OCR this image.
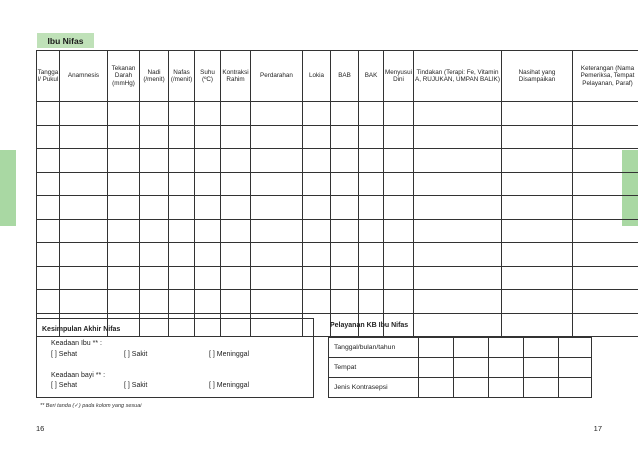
Ibu Nifas
Tanggal/ Pukul	Anamnesis	Tekanan Darah (mmHg)	Nadi (/menit)	Nafas (/menit)	Suhu (ºC)	Kontraksi Rahim	Perdarahan	Lokia	BAB	BAK	Menyusui Dini	Tindakan (Terapi: Fe, Vitamin A, RUJUKAN, UMPAN BALIK)	Nasihat yang Disampaikan	Keterangan (Nama Pemeriksa, Tempat Pelayanan, Paraf)

Kesimpulan Akhir Nifas
Keadaan Ibu ** :
[ ] Sehat	[ ] Sakit	[ ] Meninggal
Keadaan bayi ** :
[ ] Sehat	[ ] Sakit	[ ] Meninggal
** Beri tanda (✓) pada kolom yang sesuai
Pelayanan KB Ibu Nifas
Tanggal/bulan/tahun					
Tempat					
Jenis Kontrasepsi					
16	17
